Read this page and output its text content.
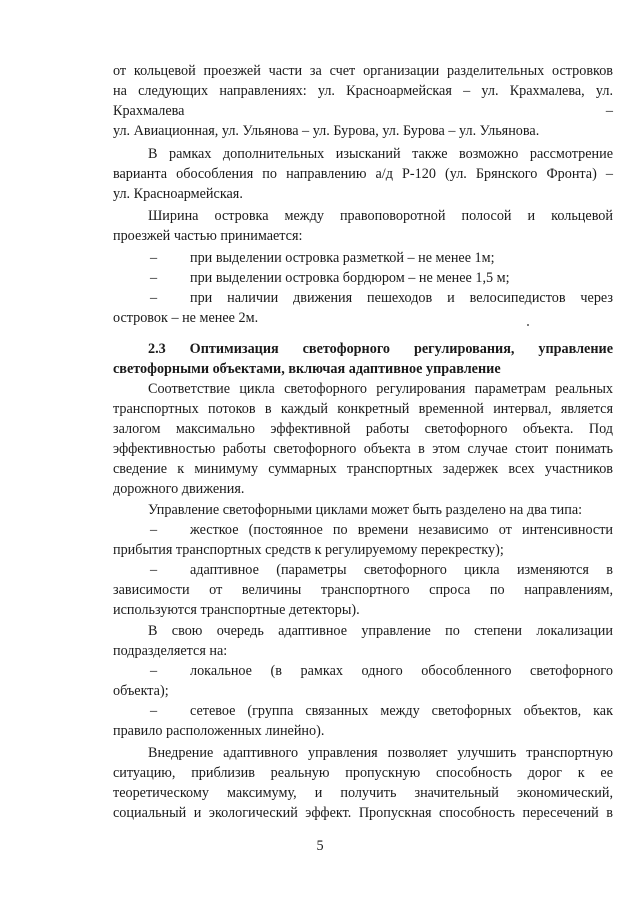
от кольцевой проезжей части за счет организации разделительных островков
на следующих направлениях: ул. Красноармейская – ул. Крахмалева, ул.
Крахмалева	–
ул. Авиационная, ул. Ульянова – ул. Бурова, ул. Бурова – ул. Ульянова.
В рамках дополнительных изысканий также возможно рассмотрение
варианта обособления по направлению а/д Р-120 (ул. Брянского Фронта) –
ул. Красноармейская.
Ширина островка между правоповоротной полосой и кольцевой
проезжей частью принимается:
–	при выделении островка разметкой – не менее 1м;
–	при выделении островка бордюром – не менее 1,5 м;
–	при наличии движения пешеходов и велосипедистов через
островок – не менее 2м.
2.3 Оптимизация светофорного регулирования, управление
светофорными объектами, включая адаптивное управление
Соответствие цикла светофорного регулирования параметрам реальных
транспортных потоков в каждый конкретный временной интервал, является
залогом максимально эффективной работы светофорного объекта. Под
эффективностью работы светофорного объекта в этом случае стоит понимать
сведение к минимуму суммарных транспортных задержек всех участников
дорожного движения.
Управление светофорными циклами может быть разделено на два типа:
–	жесткое (постоянное по времени независимо от интенсивности
прибытия транспортных средств к регулируемому перекрестку);
–	адаптивное (параметры светофорного цикла изменяются в
зависимости от величины транспортного спроса по направлениям,
используются транспортные детекторы).
В свою очередь адаптивное управление по степени локализации
подразделяется на:
–	локальное (в рамках одного обособленного светофорного
объекта);
–	сетевое (группа связанных между светофорных объектов, как
правило расположенных линейно).
Внедрение адаптивного управления позволяет улучшить транспортную
ситуацию, приблизив реальную пропускную способность дорог к ее
теоретическому максимуму, и получить значительный экономический,
социальный и экологический эффект. Пропускная способность пересечений в
5
